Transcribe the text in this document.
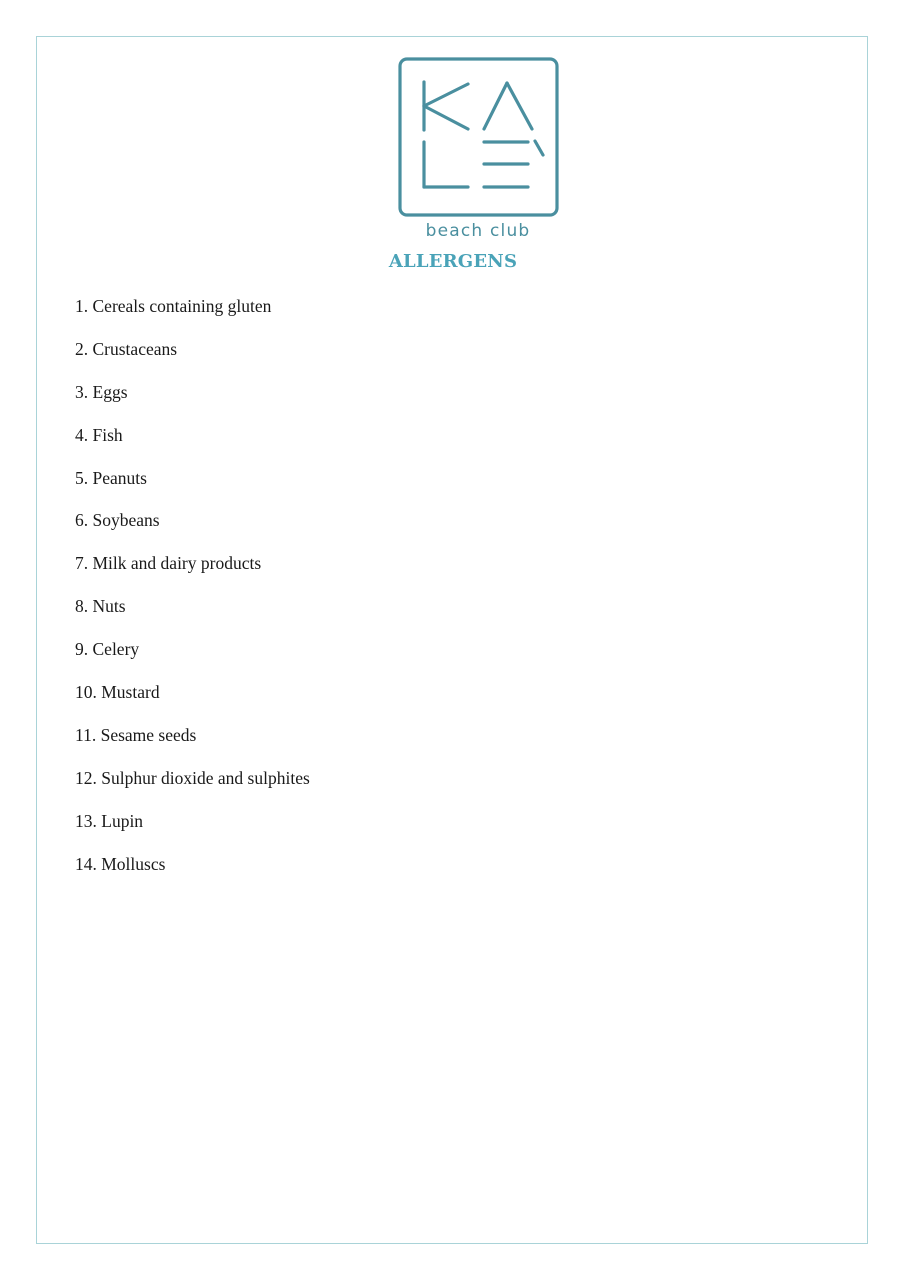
beach club
ALLERGENS
1. Cereals containing gluten
2. Crustaceans
3. Eggs
4. Fish
5. Peanuts
6. Soybeans
7. Milk and dairy products
8. Nuts
9. Celery
10. Mustard
11. Sesame seeds
12. Sulphur dioxide and sulphites
13. Lupin
14. Molluscs
